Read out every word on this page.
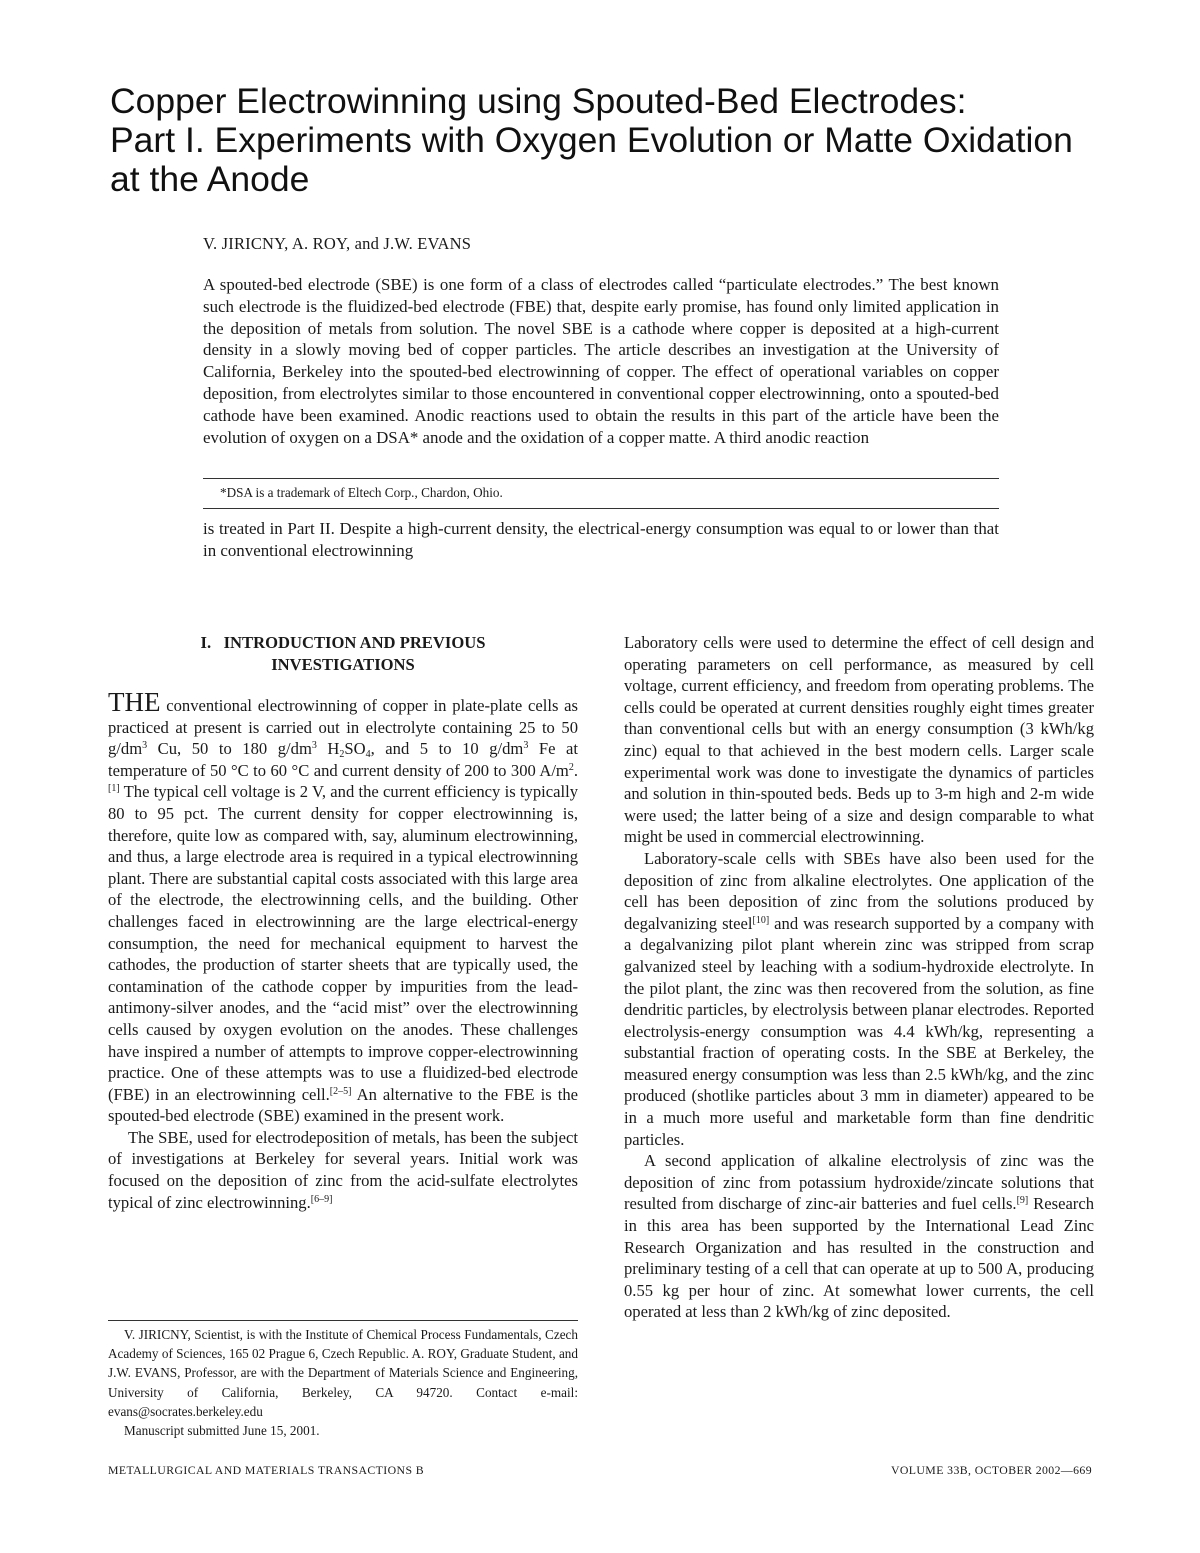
Copper Electrowinning using Spouted-Bed Electrodes:
Part I. Experiments with Oxygen Evolution or Matte Oxidation
at the Anode
V. JIRICNY, A. ROY, and J.W. EVANS
A spouted-bed electrode (SBE) is one form of a class of electrodes called “particulate electrodes.” The best known such electrode is the fluidized-bed electrode (FBE) that, despite early promise, has found only limited application in the deposition of metals from solution. The novel SBE is a cathode where copper is deposited at a high-current density in a slowly moving bed of copper particles. The article describes an investigation at the University of California, Berkeley into the spouted-bed electrowinning of copper. The effect of operational variables on copper deposition, from electrolytes similar to those encountered in conventional copper electrowinning, onto a spouted-bed cathode have been examined. Anodic reactions used to obtain the results in this part of the article have been the evolution of oxygen on a DSA* anode and the oxidation of a copper matte. A third anodic reaction
*DSA is a trademark of Eltech Corp., Chardon, Ohio.
is treated in Part II. Despite a high-current density, the electrical-energy consumption was equal to or lower than that in conventional electrowinning
I. INTRODUCTION AND PREVIOUS
INVESTIGATIONS

THE conventional electrowinning of copper in plate-plate cells as practiced at present is carried out in electrolyte containing 25 to 50 $g/dm^3$ Cu, 50 to 180 $g/dm^3$ $H_2SO_4$, and 5 to 10 $g/dm^3$ Fe at temperature of 50 °C to 60 °C and current density of 200 to 300 $A/m^2.[1]$ The typical cell voltage is 2 V, and the current efficiency is typically 80 to 95 pct. The current density for copper electrowinning is, therefore, quite low as compared with, say, aluminum electrowinning, and thus, a large electrode area is required in a typical electrowinning plant. There are substantial capital costs associated with this large area of the electrode, the electrowinning cells, and the building. Other challenges faced in electrowinning are the large electrical-energy consumption, the need for mechanical equipment to harvest the cathodes, the production of starter sheets that are typically used, the contamination of the cathode copper by impurities from the lead-antimony-silver anodes, and the “acid mist” over the electrowinning cells caused by oxygen evolution on the anodes. These challenges have inspired a number of attempts to improve copper-electrowinning practice. One of these attempts was to use a fluidized-bed electrode (FBE) in an electrowinning cell.[2–5] An alternative to the FBE is the spouted-bed electrode (SBE) examined in the present work.

The SBE, used for electrodeposition of metals, has been the subject of investigations at Berkeley for several years. Initial work was focused on the deposition of zinc from the acid-sulfate electrolytes typical of zinc electrowinning.[6–9]

V. JIRICNY, Scientist, is with the Institute of Chemical Process Fundamentals, Czech Academy of Sciences, 165 02 Prague 6, Czech Republic. A. ROY, Graduate Student, and J.W. EVANS, Professor, are with the Department of Materials Science and Engineering, University of California, Berkeley, CA 94720. Contact e-mail: evans@socrates.berkeley.edu

Manuscript submitted June 15, 2001.

Laboratory cells were used to determine the effect of cell design and operating parameters on cell performance, as measured by cell voltage, current efficiency, and freedom from operating problems. The cells could be operated at current densities roughly eight times greater than conventional cells but with an energy consumption (3 kWh/kg zinc) equal to that achieved in the best modern cells. Larger scale experimental work was done to investigate the dynamics of particles and solution in thin-spouted beds. Beds up to 3-m high and 2-m wide were used; the latter being of a size and design comparable to what might be used in commercial electrowinning.

Laboratory-scale cells with SBEs have also been used for the deposition of zinc from alkaline electrolytes. One application of the cell has been deposition of zinc from the solutions produced by degalvanizing steel[10] and was research supported by a company with a degalvanizing pilot plant wherein zinc was stripped from scrap galvanized steel by leaching with a sodium-hydroxide electrolyte. In the pilot plant, the zinc was then recovered from the solution, as fine dendritic particles, by electrolysis between planar electrodes. Reported electrolysis-energy consumption was 4.4 kWh/kg, representing a substantial fraction of operating costs. In the SBE at Berkeley, the measured energy consumption was less than 2.5 kWh/kg, and the zinc produced (shotlike particles about 3 mm in diameter) appeared to be in a much more useful and marketable form than fine dendritic particles.

A second application of alkaline electrolysis of zinc was the deposition of zinc from potassium hydroxide/zincate solutions that resulted from discharge of zinc-air batteries and fuel cells.[9] Research in this area has been supported by the International Lead Zinc Research Organization and has resulted in the construction and preliminary testing of a cell that can operate at up to 500 A, producing 0.55 kg per hour of zinc. At somewhat lower currents, the cell operated at less than 2 kWh/kg of zinc deposited.

METALLURGICAL AND MATERIALS TRANSACTIONS B	VOLUME 33B, OCTOBER 2002—669
